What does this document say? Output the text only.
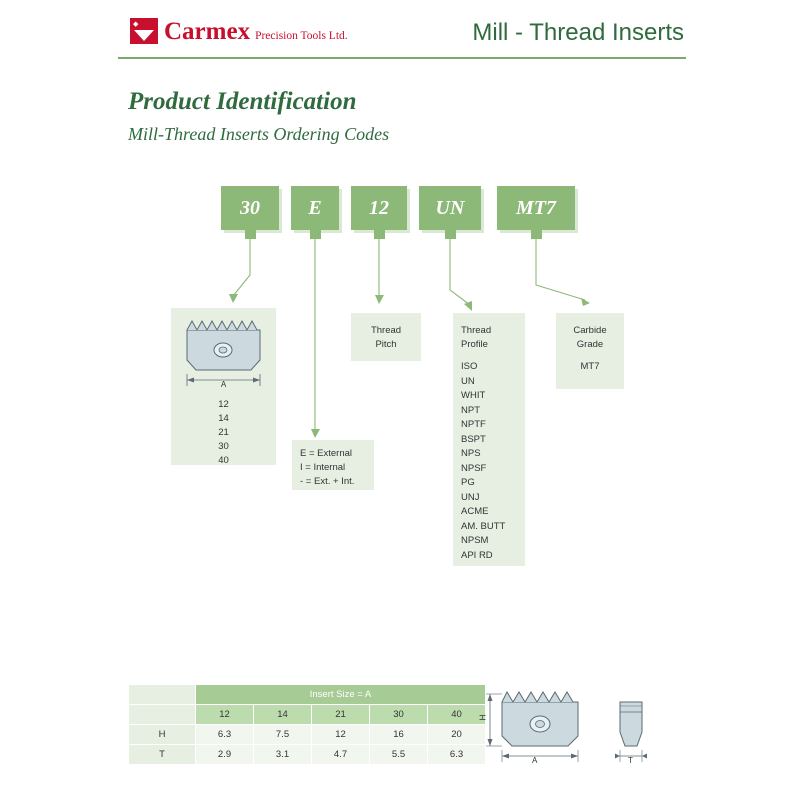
◆ Carmex Precision Tools Ltd.	Mill - Thread Inserts
Product Identification
Mill-Thread Inserts Ordering Codes
30 E 12 UN	MT7
A
12
14
21
30
40
E = External
I = Internal
- = Ext. + Int.
Thread
Pitch
Thread
Profile
ISO
UN
WHIT
NPT
NPTF
BSPT
NPS
NPSF
PG
UNJ
ACME
AM. BUTT
NPSM
API RD
Carbide
Grade
MT7
	Insert Size = A				
	12	14	21	30	40
H	6.3	7.5	12	16	20
T	2.9	3.1	4.7	5.5	6.3
A
H
T
